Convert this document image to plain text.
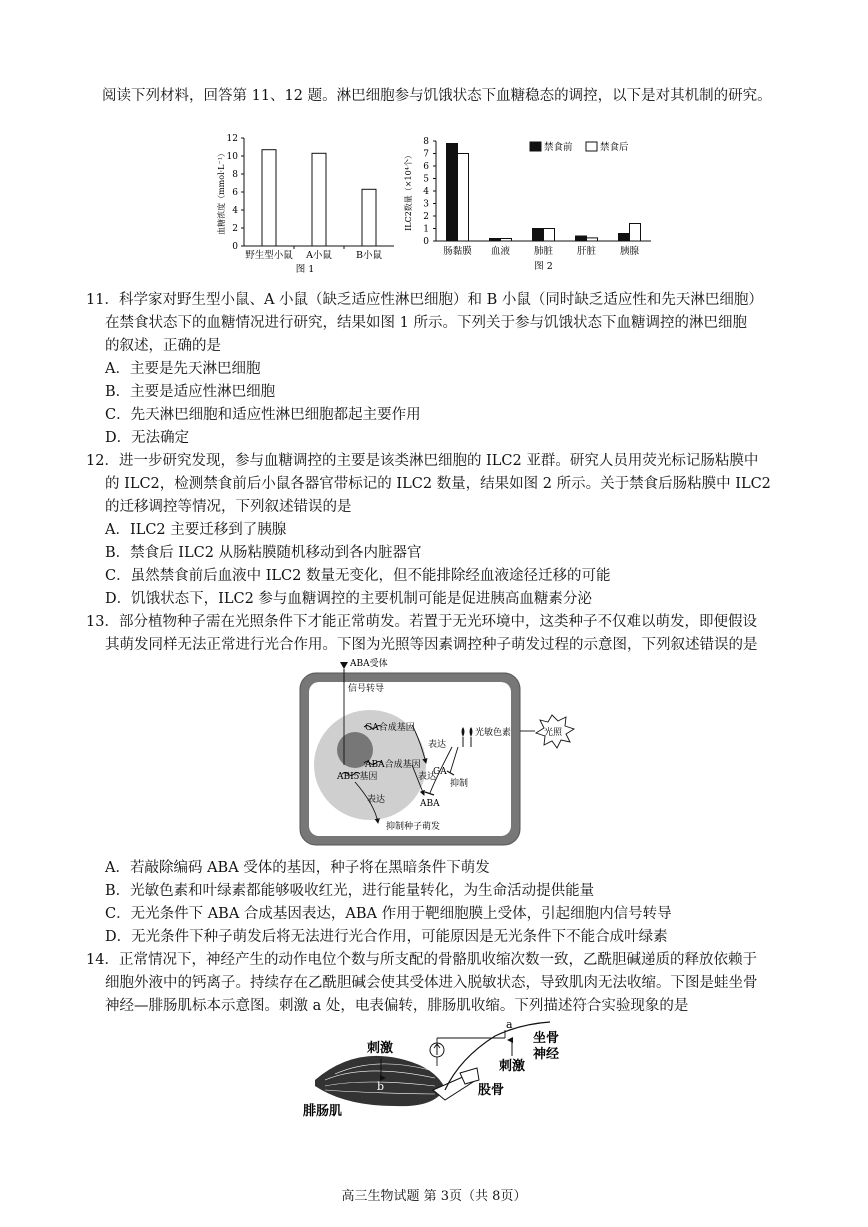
阅读下列材料，回答第 11、12 题。淋巴细胞参与饥饿状态下血糖稳态的调控，以下是对其机制的研究。
0
2
4
6
8
10
12
血糖浓度（mmol·L⁻¹）
野生型小鼠 A小鼠	B小鼠
图 1
0
1
2
3
4
5
6
7
8
ILC2数量（×10⁴个）
肠黏膜 血液	肺脏	肝脏	胰腺
图 2
禁食前	禁食后
11．科学家对野生型小鼠、A 小鼠（缺乏适应性淋巴细胞）和 B 小鼠（同时缺乏适应性和先天淋巴细胞）
在禁食状态下的血糖情况进行研究，结果如图 1 所示。下列关于参与饥饿状态下血糖调控的淋巴细胞
的叙述，正确的是
A．主要是先天淋巴细胞
B．主要是适应性淋巴细胞
C．先天淋巴细胞和适应性淋巴细胞都起主要作用
D．无法确定
12．进一步研究发现，参与血糖调控的主要是该类淋巴细胞的 ILC2 亚群。研究人员用荧光标记肠粘膜中
的 ILC2，检测禁食前后小鼠各器官带标记的 ILC2 数量，结果如图 2 所示。关于禁食后肠粘膜中 ILC2
的迁移调控等情况，下列叙述错误的是
A．ILC2 主要迁移到了胰腺
B．禁食后 ILC2 从肠粘膜随机移动到各内脏器官
C．虽然禁食前后血液中 ILC2 数量无变化，但不能排除经血液途径迁移的可能
D．饥饿状态下，ILC2 参与血糖调控的主要机制可能是促进胰高血糖素分泌
13．部分植物种子需在光照条件下才能正常萌发。若置于无光环境中，这类种子不仅难以萌发，即便假设
其萌发同样无法正常进行光合作用。下图为光照等因素调控种子萌发过程的示意图，下列叙述错误的是
ABA受体
信号转导
GA合成基因
ABA合成基因
ABI5基因
表达
GA
表达
ABA
表达
抑制种子萌发
光敏色素
抑制
光照
A．若敲除编码 ABA 受体的基因，种子将在黑暗条件下萌发
B．光敏色素和叶绿素都能够吸收红光，进行能量转化，为生命活动提供能量
C．无光条件下 ABA 合成基因表达，ABA 作用于靶细胞膜上受体，引起细胞内信号转导
D．无光条件下种子萌发后将无法进行光合作用，可能原因是无光条件下不能合成叶绿素
14．正常情况下，神经产生的动作电位个数与所支配的骨骼肌收缩次数一致，乙酰胆碱递质的释放依赖于
细胞外液中的钙离子。持续存在乙酰胆碱会使其受体进入脱敏状态，导致肌肉无法收缩。下图是蛙坐骨
神经—腓肠肌标本示意图。刺激 a 处，电表偏转，腓肠肌收缩。下列描述符合实验现象的是
刺激
b
a
刺激
坐骨
神经
股骨
腓肠肌
高三生物试题 第 3页（共 8页）
